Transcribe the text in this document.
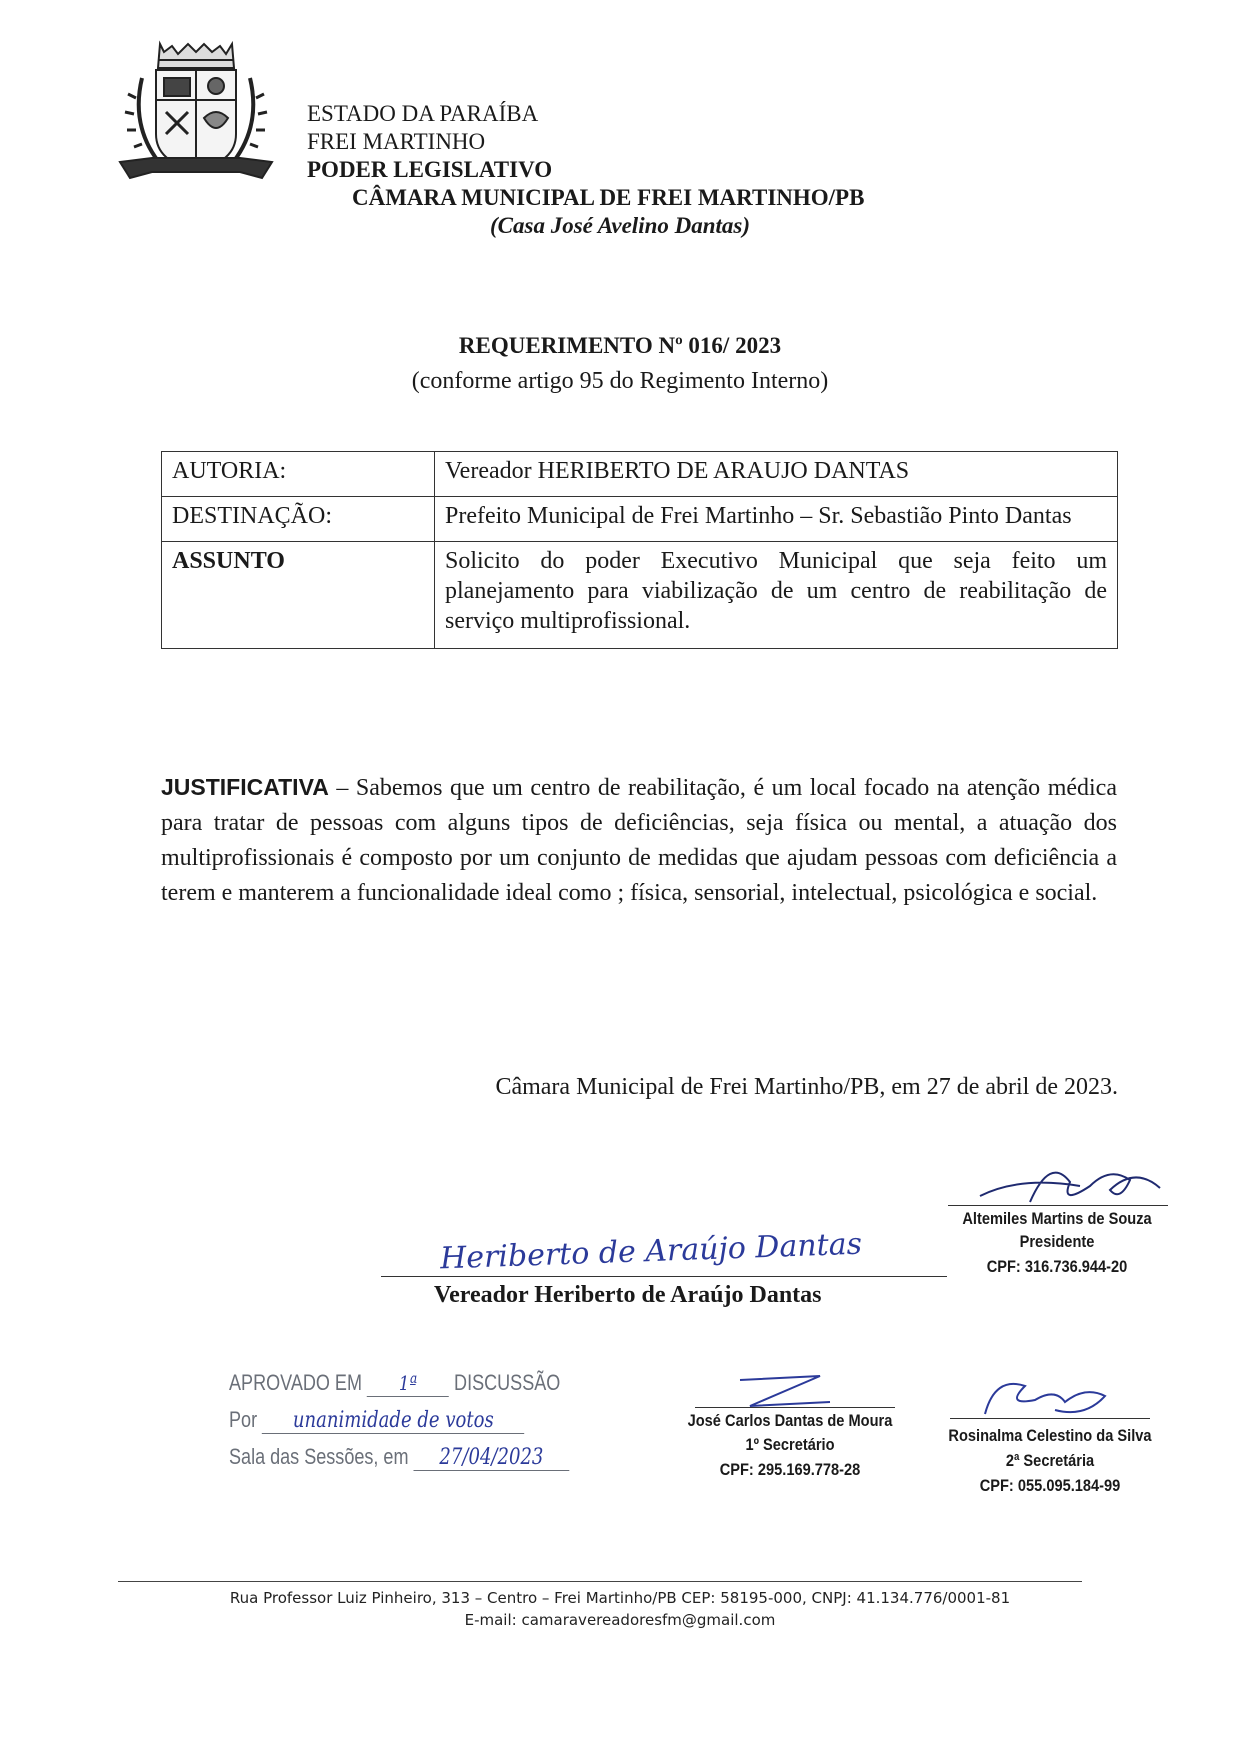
ESTADO DA PARAÍBA
FREI MARTINHO
PODER LEGISLATIVO
CÂMARA MUNICIPAL DE FREI MARTINHO/PB
(Casa José Avelino Dantas)
REQUERIMENTO Nº 016/ 2023
(conforme artigo 95 do Regimento Interno)
AUTORIA:	Vereador HERIBERTO DE ARAUJO DANTAS
DESTINAÇÃO:	Prefeito Municipal de Frei Martinho – Sr. Sebastião Pinto Dantas
ASSUNTO	Solicito do poder Executivo Municipal que seja feito um planejamento para viabilização de um centro de reabilitação de serviço multiprofissional.
JUSTIFICATIVA – Sabemos que um centro de reabilitação, é um local focado na atenção médica para tratar de pessoas com alguns tipos de deficiências, seja física ou mental, a atuação dos multiprofissionais é composto por um conjunto de medidas que ajudam pessoas com deficiência a terem e manterem a funcionalidade ideal como ; física, sensorial, intelectual, psicológica e social.
Câmara Municipal de Frei Martinho/PB, em 27 de abril de 2023.
Heriberto de Araújo Dantas
Vereador Heriberto de Araújo Dantas
Altemiles Martins de Souza
Presidente
CPF: 316.736.944-20
APROVADO EM 1ª DISCUSSÃO
Por unanimidade de votos
Sala das Sessões, em 27/04/2023
José Carlos Dantas de Moura
1º Secretário
CPF: 295.169.778-28
Rosinalma Celestino da Silva
2ª Secretária
CPF: 055.095.184-99
Rua Professor Luiz Pinheiro, 313 – Centro – Frei Martinho/PB CEP: 58195-000, CNPJ: 41.134.776/0001-81
E-mail: camaravereadoresfm@gmail.com
